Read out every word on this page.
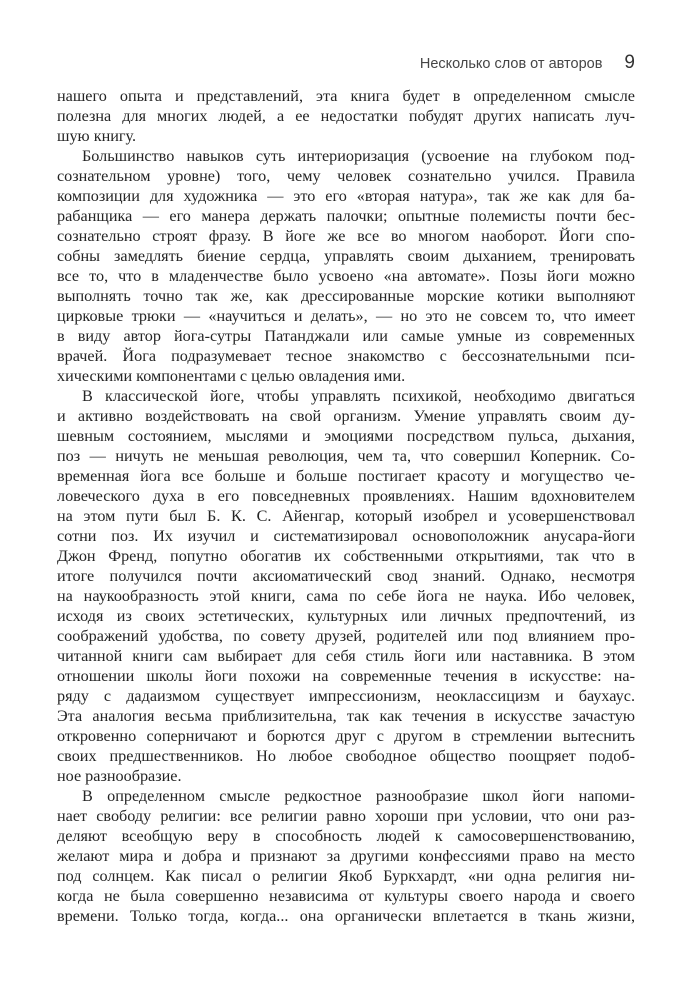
Несколько слов от авторов 9
нашего опыта и представлений, эта книга будет в определенном смысле
полезна для многих людей, а ее недостатки побудят других написать луч-
шую книгу.
Большинство навыков суть интериоризация (усвоение на глубоком под-
сознательном уровне) того, чему человек сознательно учился. Правила
композиции для художника — это его «вторая натура», так же как для ба-
рабанщика — его манера держать палочки; опытные полемисты почти бес-
сознательно строят фразу. В йоге же все во многом наоборот. Йоги спо-
собны замедлять биение сердца, управлять своим дыханием, тренировать
все то, что в младенчестве было усвоено «на автомате». Позы йоги можно
выполнять точно так же, как дрессированные морские котики выполняют
цирковые трюки — «научиться и делать», — но это не совсем то, что имеет
в виду автор йога-сутры Патанджали или самые умные из современных
врачей. Йога подразумевает тесное знакомство с бессознательными пси-
хическими компонентами с целью овладения ими.
В классической йоге, чтобы управлять психикой, необходимо двигаться
и активно воздействовать на свой организм. Умение управлять своим ду-
шевным состоянием, мыслями и эмоциями посредством пульса, дыхания,
поз — ничуть не меньшая революция, чем та, что совершил Коперник. Со-
временная йога все больше и больше постигает красоту и могущество че-
ловеческого духа в его повседневных проявлениях. Нашим вдохновителем
на этом пути был Б. К. С. Айенгар, который изобрел и усовершенствовал
сотни поз. Их изучил и систематизировал основоположник анусара-йоги
Джон Френд, попутно обогатив их собственными открытиями, так что в
итоге получился почти аксиоматический свод знаний. Однако, несмотря
на наукообразность этой книги, сама по себе йога не наука. Ибо человек,
исходя из своих эстетических, культурных или личных предпочтений, из
соображений удобства, по совету друзей, родителей или под влиянием про-
читанной книги сам выбирает для себя стиль йоги или наставника. В этом
отношении школы йоги похожи на современные течения в искусстве: на-
ряду с дадаизмом существует импрессионизм, неоклассицизм и баухаус.
Эта аналогия весьма приблизительна, так как течения в искусстве зачастую
откровенно соперничают и борются друг с другом в стремлении вытеснить
своих предшественников. Но любое свободное общество поощряет подоб-
ное разнообразие.
В определенном смысле редкостное разнообразие школ йоги напоми-
нает свободу религии: все религии равно хороши при условии, что они раз-
деляют всеобщую веру в способность людей к самосовершенствованию,
желают мира и добра и признают за другими конфессиями право на место
под солнцем. Как писал о религии Якоб Буркхардт, «ни одна религия ни-
когда не была совершенно независима от культуры своего народа и своего
времени. Только тогда, когда... она органически вплетается в ткань жизни,
